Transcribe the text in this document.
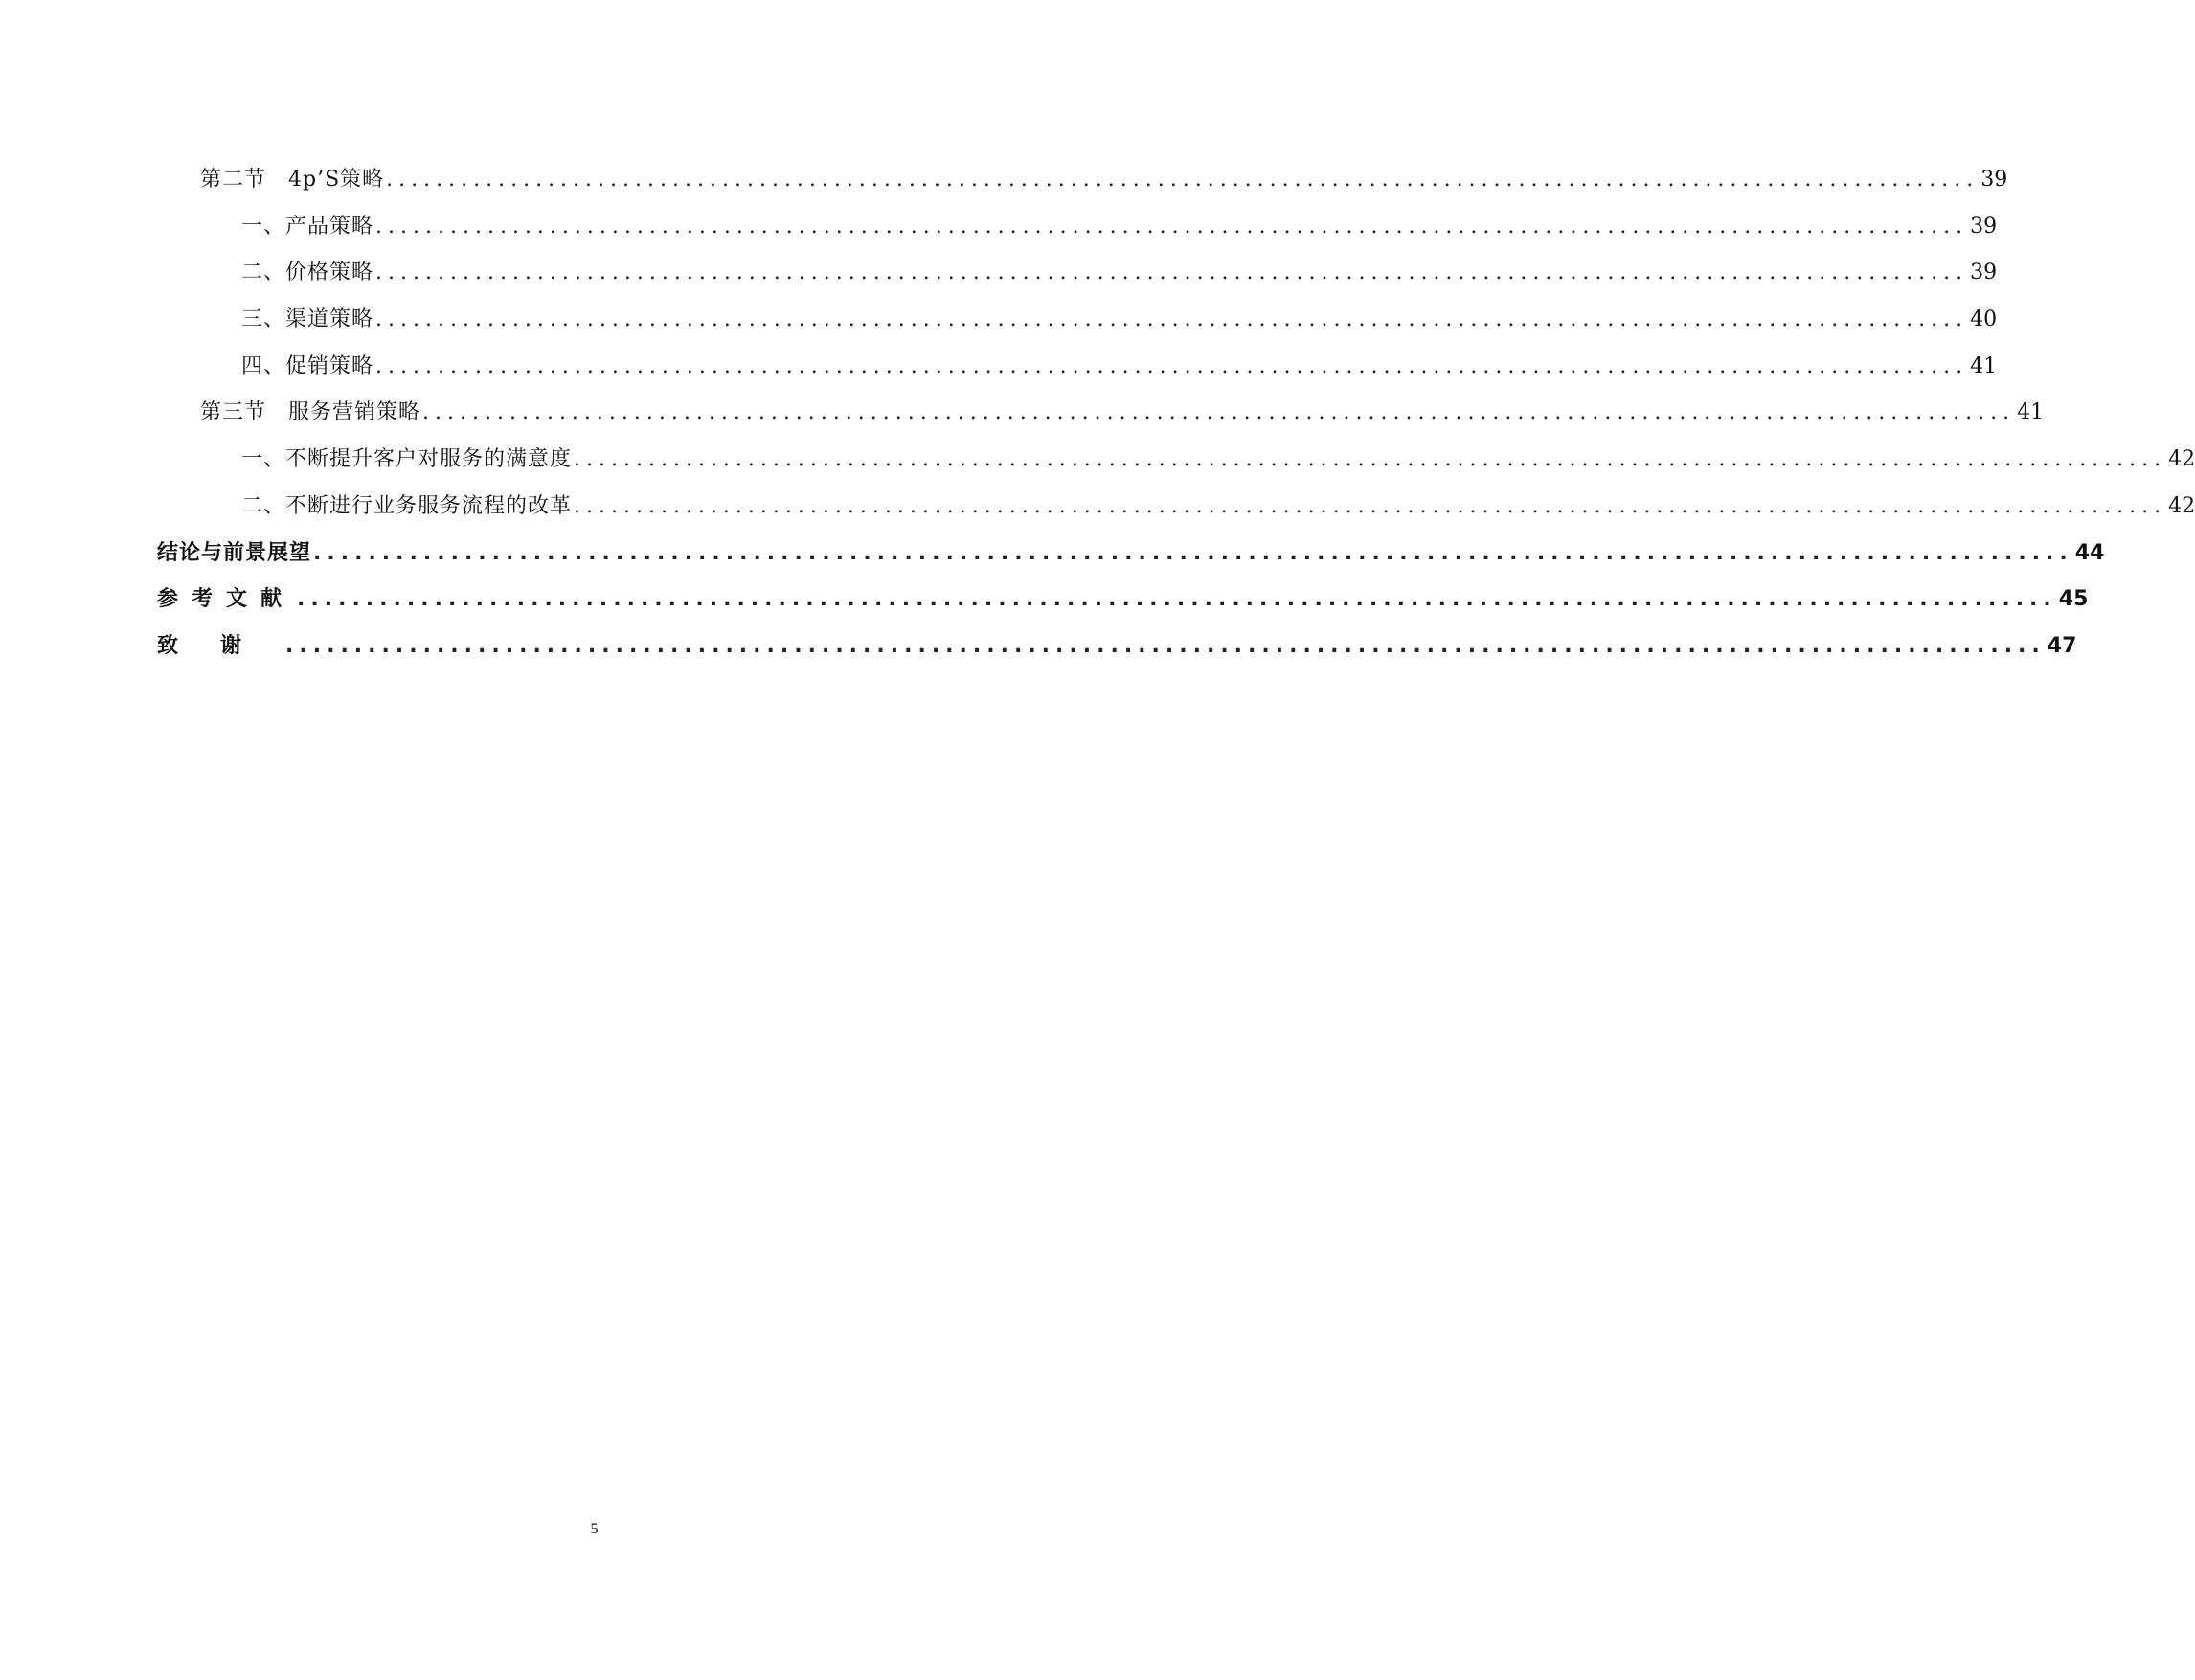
第二节　4p’S策略 ................................................................................................................................ 39
一、产品策略 ................................................................................................................................ 39
二、价格策略 ................................................................................................................................ 39
三、渠道策略 ................................................................................................................................ 40
四、促销策略 ................................................................................................................................ 41
第三节　服务营销策略 ................................................................................................................................ 41
一、不断提升客户对服务的满意度 ................................................................................................................................ 42
二、不断进行业务服务流程的改革 ................................................................................................................................ 42
结论与前景展望 ................................................................................................................................ 44
参考文献 ................................................................................................................................ 45
致谢 ................................................................................................................................ 47
5
